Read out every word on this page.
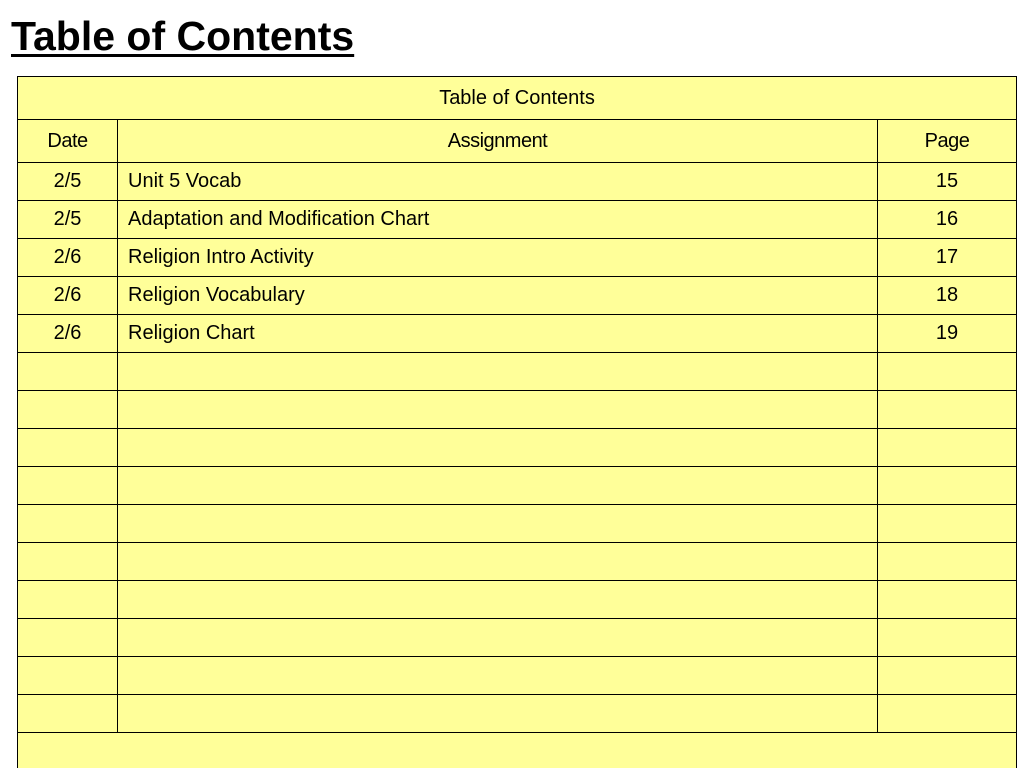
Table of Contents
Table of Contents		
Date	Assignment	Page
2/5	Unit 5 Vocab	15
2/5	Adaptation and Modification Chart	16
2/6	Religion Intro Activity	17
2/6	Religion Vocabulary	18
2/6	Religion Chart	19
